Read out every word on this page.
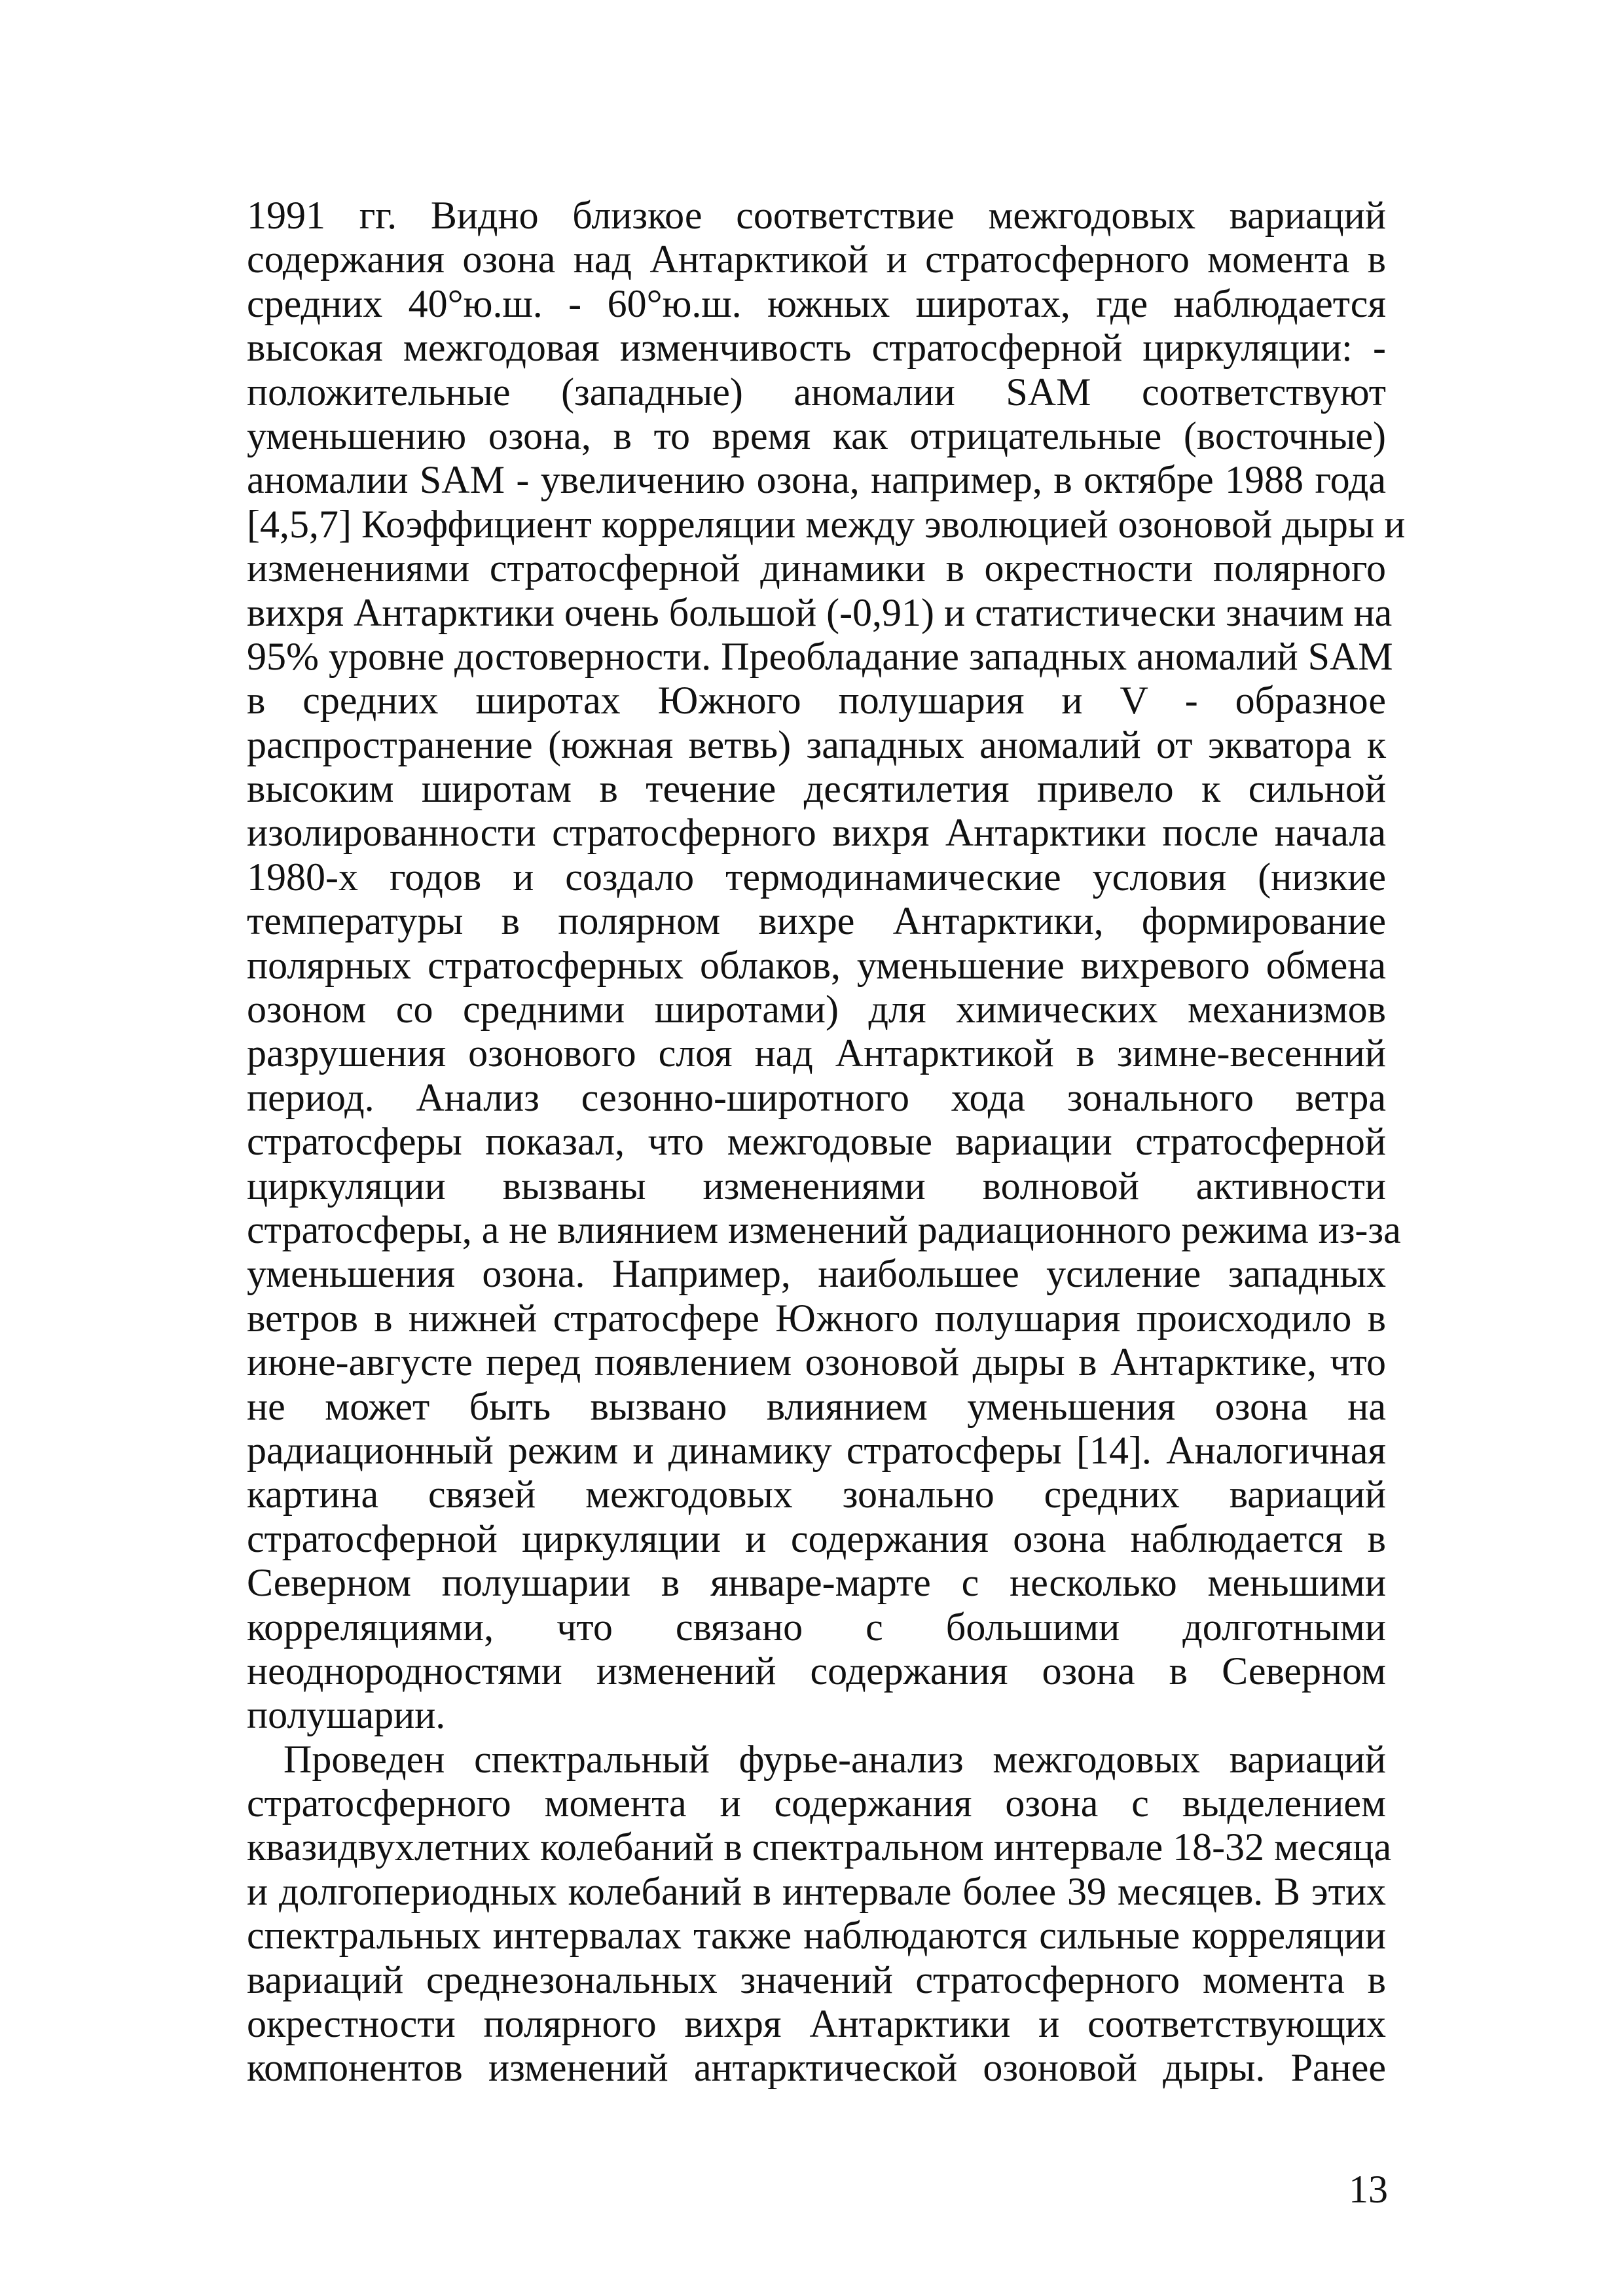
1991 гг. Видно близкое соответствие межгодовых вариаций
содержания озона над Антарктикой и стратосферного момента в
средних 40°ю.ш. - 60°ю.ш. южных широтах, где наблюдается
высокая межгодовая изменчивость стратосферной циркуляции: -
положительные (западные) аномалии SAM соответствуют
уменьшению озона, в то время как отрицательные (восточные)
аномалии SAM - увеличению озона, например, в октябре 1988 года
[4,5,7] Коэффициент корреляции между эволюцией озоновой дыры и
изменениями стратосферной динамики в окрестности полярного
вихря Антарктики очень большой (-0,91) и статистически значим на
95% уровне достоверности. Преобладание западных аномалий SAM
в средних широтах Южного полушария и V - образное
распространение (южная ветвь) западных аномалий от экватора к
высоким широтам в течение десятилетия привело к сильной
изолированности стратосферного вихря Антарктики после начала
1980-х годов и создало термодинамические условия (низкие
температуры в полярном вихре Антарктики, формирование
полярных стратосферных облаков, уменьшение вихревого обмена
озоном со средними широтами) для химических механизмов
разрушения озонового слоя над Антарктикой в зимне-весенний
период. Анализ сезонно-широтного хода зонального ветра
стратосферы показал, что межгодовые вариации стратосферной
циркуляции вызваны изменениями волновой активности
стратосферы, а не влиянием изменений радиационного режима из-за
уменьшения озона. Например, наибольшее усиление западных
ветров в нижней стратосфере Южного полушария происходило в
июне-августе перед появлением озоновой дыры в Антарктике, что
не может быть вызвано влиянием уменьшения озона на
радиационный режим и динамику стратосферы [14]. Аналогичная
картина связей межгодовых зонально средних вариаций
стратосферной циркуляции и содержания озона наблюдается в
Северном полушарии в январе-марте с несколько меньшими
корреляциями, что связано с большими долготными
неоднородностями изменений содержания озона в Северном
полушарии.
Проведен спектральный фурье-анализ межгодовых вариаций
стратосферного момента и содержания озона с выделением
квазидвухлетних колебаний в спектральном интервале 18-32 месяца
и долгопериодных колебаний в интервале более 39 месяцев. В этих
спектральных интервалах также наблюдаются сильные корреляции
вариаций среднезональных значений стратосферного момента в
окрестности полярного вихря Антарктики и соответствующих
компонентов изменений антарктической озоновой дыры. Ранее
13
